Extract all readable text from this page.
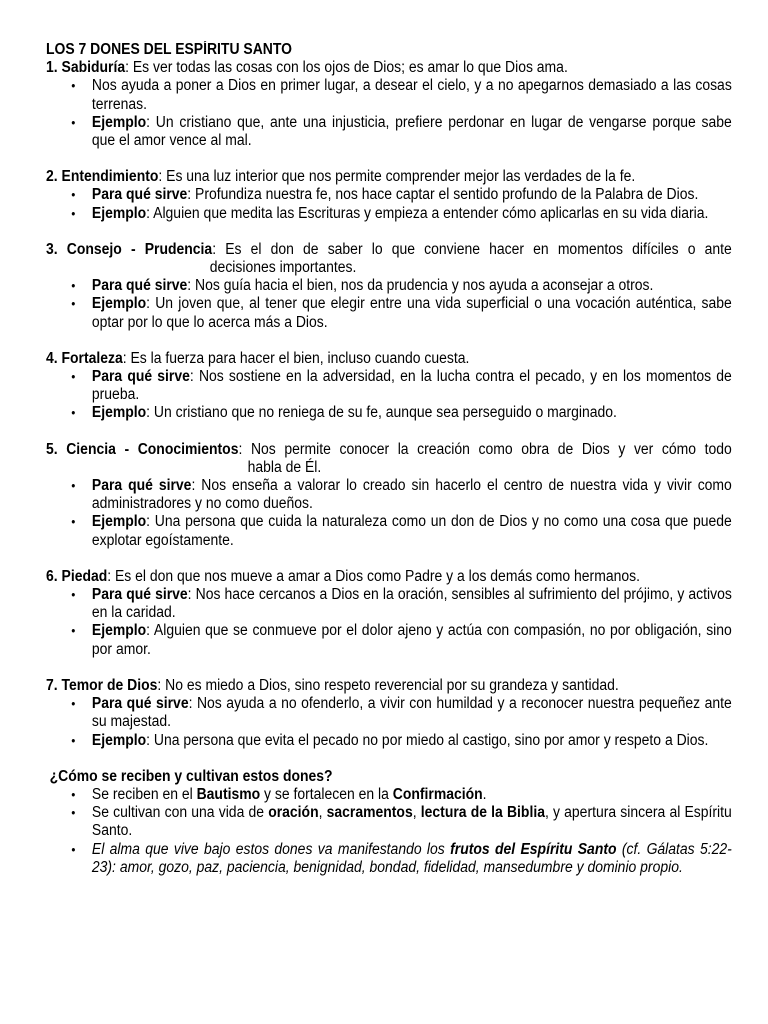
LOS 7 DONES DEL ESPÍRITU SANTO
1. Sabiduría: Es ver todas las cosas con los ojos de Dios; es amar lo que Dios ama.
• Nos ayuda a poner a Dios en primer lugar, a desear el cielo, y a no apegarnos demasiado a las cosas terrenas.
• Ejemplo: Un cristiano que, ante una injusticia, prefiere perdonar en lugar de vengarse porque sabe que el amor vence al mal.
2. Entendimiento: Es una luz interior que nos permite comprender mejor las verdades de la fe.
• Para qué sirve: Profundiza nuestra fe, nos hace captar el sentido profundo de la Palabra de Dios.
• Ejemplo: Alguien que medita las Escrituras y empieza a entender cómo aplicarlas en su vida diaria.
3. Consejo - Prudencia: Es el don de saber lo que conviene hacer en momentos difíciles o ante
decisiones importantes.
• Para qué sirve: Nos guía hacia el bien, nos da prudencia y nos ayuda a aconsejar a otros.
• Ejemplo: Un joven que, al tener que elegir entre una vida superficial o una vocación auténtica, sabe optar por lo que lo acerca más a Dios.
4. Fortaleza: Es la fuerza para hacer el bien, incluso cuando cuesta.
• Para qué sirve: Nos sostiene en la adversidad, en la lucha contra el pecado, y en los momentos de prueba.
• Ejemplo: Un cristiano que no reniega de su fe, aunque sea perseguido o marginado.
5. Ciencia - Conocimientos: Nos permite conocer la creación como obra de Dios y ver cómo todo
habla de Él.
• Para qué sirve: Nos enseña a valorar lo creado sin hacerlo el centro de nuestra vida y vivir como administradores y no como dueños.
• Ejemplo: Una persona que cuida la naturaleza como un don de Dios y no como una cosa que puede explotar egoístamente.
6. Piedad: Es el don que nos mueve a amar a Dios como Padre y a los demás como hermanos.
• Para qué sirve: Nos hace cercanos a Dios en la oración, sensibles al sufrimiento del prójimo, y activos en la caridad.
• Ejemplo: Alguien que se conmueve por el dolor ajeno y actúa con compasión, no por obligación, sino por amor.
7. Temor de Dios: No es miedo a Dios, sino respeto reverencial por su grandeza y santidad.
• Para qué sirve: Nos ayuda a no ofenderlo, a vivir con humildad y a reconocer nuestra pequeñez ante su majestad.
• Ejemplo: Una persona que evita el pecado no por miedo al castigo, sino por amor y respeto a Dios.
¿Cómo se reciben y cultivan estos dones?
• Se reciben en el Bautismo y se fortalecen en la Confirmación.
• Se cultivan con una vida de oración, sacramentos, lectura de la Biblia, y apertura sincera al Espíritu Santo.
• El alma que vive bajo estos dones va manifestando los frutos del Espíritu Santo (cf. Gálatas 5:22-23): amor, gozo, paz, paciencia, benignidad, bondad, fidelidad, mansedumbre y dominio propio.
